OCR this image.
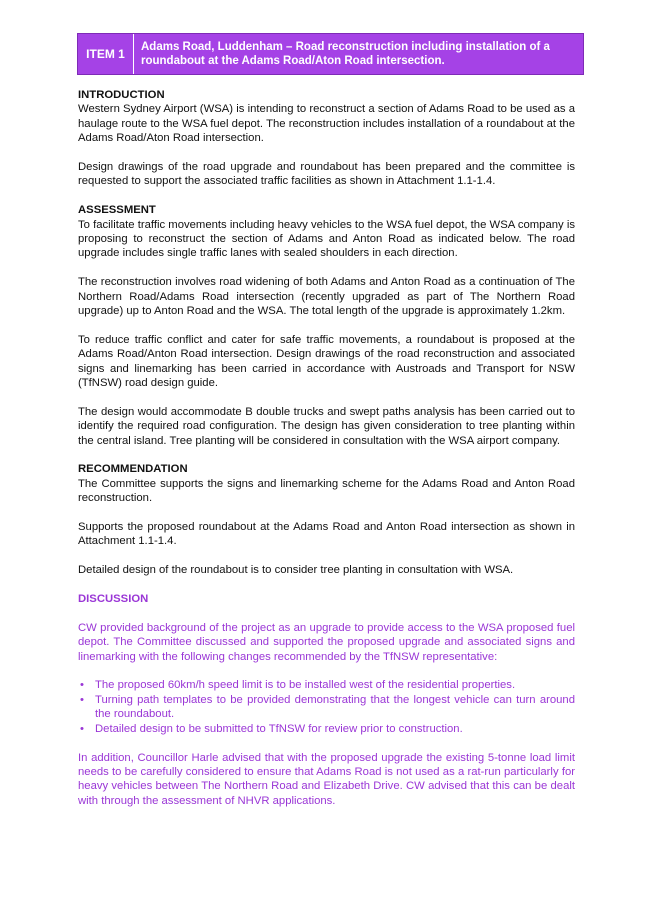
ITEM 1	Adams Road, Luddenham – Road reconstruction including installation of a roundabout at the Adams Road/Aton Road intersection.
INTRODUCTION

Western Sydney Airport (WSA) is intending to reconstruct a section of Adams Road to be used as a haulage route to the WSA fuel depot. The reconstruction includes installation of a roundabout at the Adams Road/Aton Road intersection.

Design drawings of the road upgrade and roundabout has been prepared and the committee is requested to support the associated traffic facilities as shown in Attachment 1.1-1.4.

ASSESSMENT

To facilitate traffic movements including heavy vehicles to the WSA fuel depot, the WSA company is proposing to reconstruct the section of Adams and Anton Road as indicated below. The road upgrade includes single traffic lanes with sealed shoulders in each direction.

The reconstruction involves road widening of both Adams and Anton Road as a continuation of The Northern Road/Adams Road intersection (recently upgraded as part of The Northern Road upgrade) up to Anton Road and the WSA. The total length of the upgrade is approximately 1.2km.

To reduce traffic conflict and cater for safe traffic movements, a roundabout is proposed at the Adams Road/Anton Road intersection. Design drawings of the road reconstruction and associated signs and linemarking has been carried in accordance with Austroads and Transport for NSW (TfNSW) road design guide.

The design would accommodate B double trucks and swept paths analysis has been carried out to identify the required road configuration. The design has given consideration to tree planting within the central island. Tree planting will be considered in consultation with the WSA airport company.

RECOMMENDATION

The Committee supports the signs and linemarking scheme for the Adams Road and Anton Road reconstruction.

Supports the proposed roundabout at the Adams Road and Anton Road intersection as shown in Attachment 1.1-1.4.

Detailed design of the roundabout is to consider tree planting in consultation with WSA.

DISCUSSION

CW provided background of the project as an upgrade to provide access to the WSA proposed fuel depot. The Committee discussed and supported the proposed upgrade and associated signs and linemarking with the following changes recommended by the TfNSW representative:

• The proposed 60km/h speed limit is to be installed west of the residential properties.
• Turning path templates to be provided demonstrating that the longest vehicle can turn around the roundabout.
• Detailed design to be submitted to TfNSW for review prior to construction.

In addition, Councillor Harle advised that with the proposed upgrade the existing 5-tonne load limit needs to be carefully considered to ensure that Adams Road is not used as a rat-run particularly for heavy vehicles between The Northern Road and Elizabeth Drive. CW advised that this can be dealt with through the assessment of NHVR applications.
